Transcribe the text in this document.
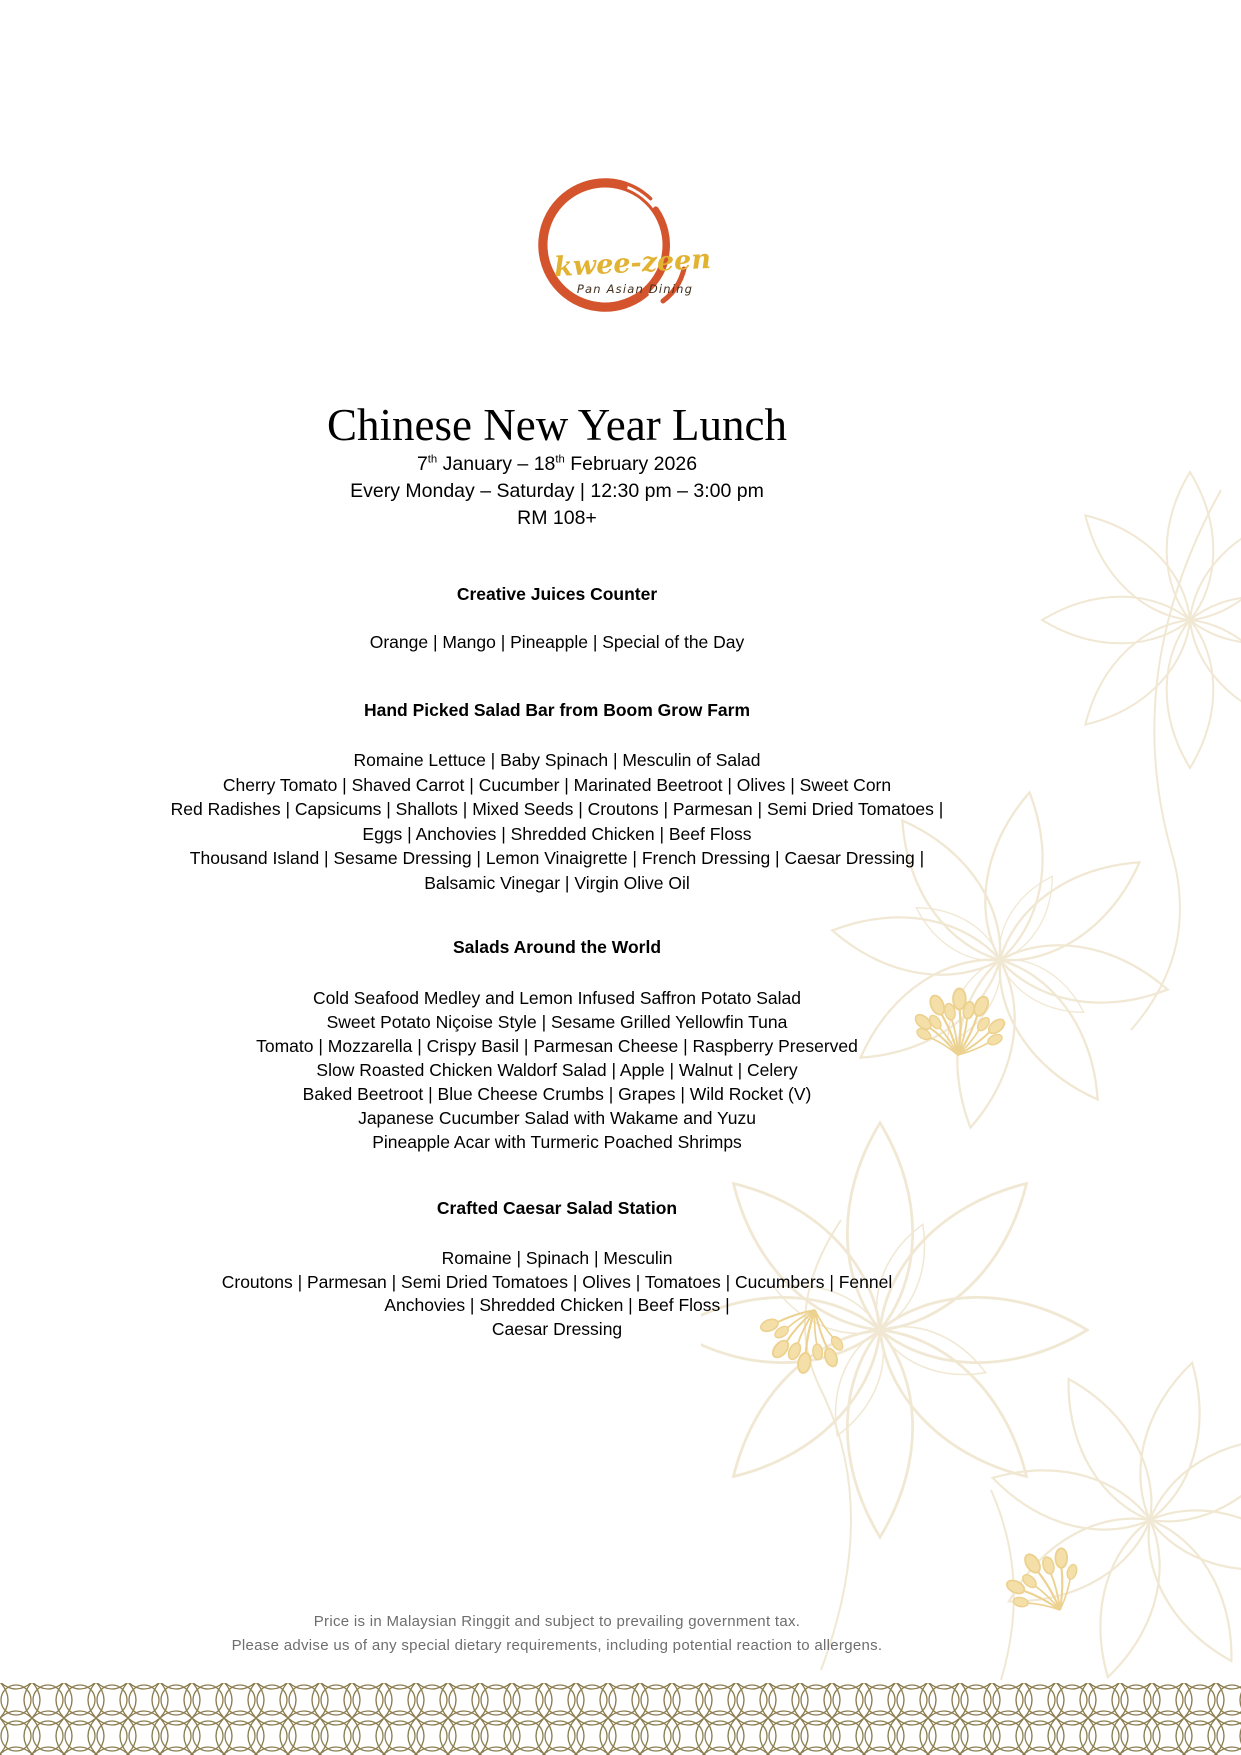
kwee-zeen
Pan Asian Dining
Chinese New Year Lunch
7th January – 18th February 2026
Every Monday – Saturday | 12:30 pm – 3:00 pm
RM 108+
Creative Juices Counter
Orange | Mango | Pineapple | Special of the Day
Hand Picked Salad Bar from Boom Grow Farm
Romaine Lettuce | Baby Spinach | Mesculin of Salad
Cherry Tomato | Shaved Carrot | Cucumber | Marinated Beetroot | Olives | Sweet Corn
Red Radishes | Capsicums | Shallots | Mixed Seeds | Croutons | Parmesan | Semi Dried Tomatoes |
Eggs | Anchovies | Shredded Chicken | Beef Floss
Thousand Island | Sesame Dressing | Lemon Vinaigrette | French Dressing | Caesar Dressing |
Balsamic Vinegar | Virgin Olive Oil
Salads Around the World
Cold Seafood Medley and Lemon Infused Saffron Potato Salad
Sweet Potato Niçoise Style | Sesame Grilled Yellowfin Tuna
Tomato | Mozzarella | Crispy Basil | Parmesan Cheese | Raspberry Preserved
Slow Roasted Chicken Waldorf Salad | Apple | Walnut | Celery
Baked Beetroot | Blue Cheese Crumbs | Grapes | Wild Rocket (V)
Japanese Cucumber Salad with Wakame and Yuzu
Pineapple Acar with Turmeric Poached Shrimps
Crafted Caesar Salad Station
Romaine | Spinach | Mesculin
Croutons | Parmesan | Semi Dried Tomatoes | Olives | Tomatoes | Cucumbers | Fennel
Anchovies | Shredded Chicken | Beef Floss |
Caesar Dressing
Price is in Malaysian Ringgit and subject to prevailing government tax.
Please advise us of any special dietary requirements, including potential reaction to allergens.
